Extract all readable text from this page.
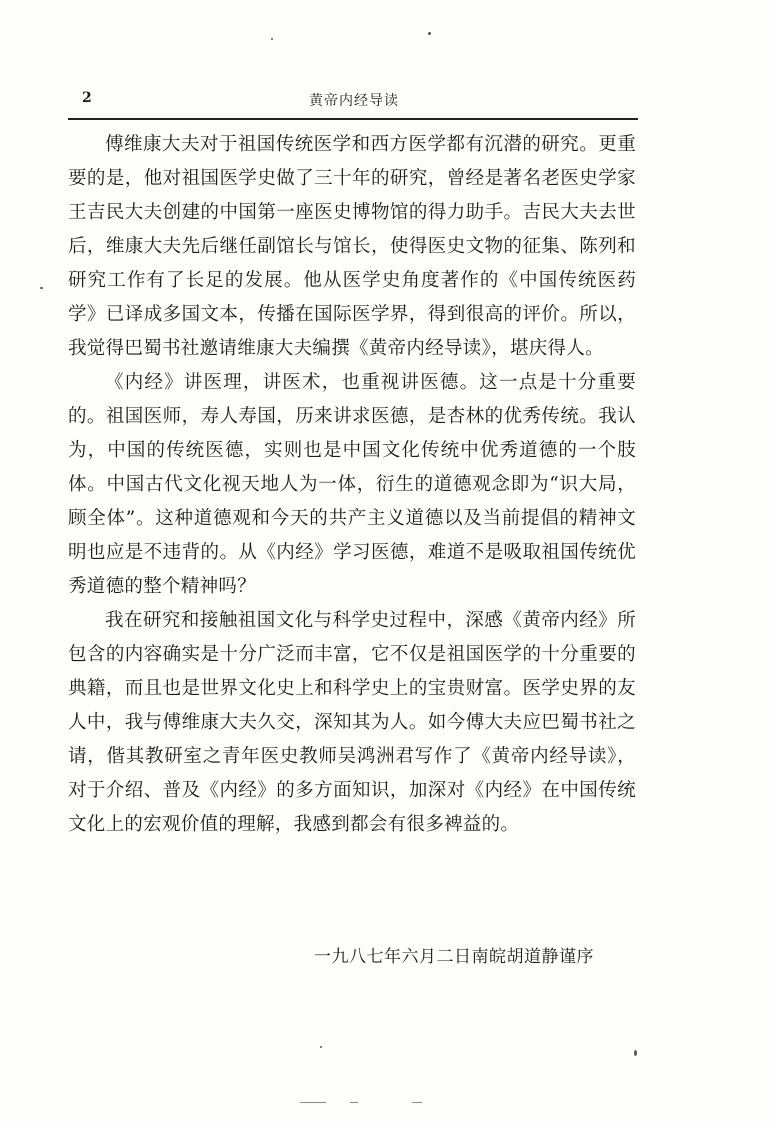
2	黄帝内经导读

傅维康大夫对于祖国传统医学和西方医学都有沉潜的研究。更重要的是，他对祖国医学史做了三十年的研究，曾经是著名老医史学家王吉民大夫创建的中国第一座医史博物馆的得力助手。吉民大夫去世后，维康大夫先后继任副馆长与馆长，使得医史文物的征集、陈列和研究工作有了长足的发展。他从医学史角度著作的《中国传统医药学》已译成多国文本，传播在国际医学界，得到很高的评价。所以，我觉得巴蜀书社邀请维康大夫编撰《黄帝内经导读》，堪庆得人。

《内经》讲医理，讲医术，也重视讲医德。这一点是十分重要的。祖国医师，寿人寿国，历来讲求医德，是杏林的优秀传统。我认为，中国的传统医德，实则也是中国文化传统中优秀道德的一个肢体。中国古代文化视天地人为一体，衍生的道德观念即为“识大局，顾全体”。这种道德观和今天的共产主义道德以及当前提倡的精神文明也应是不违背的。从《内经》学习医德，难道不是吸取祖国传统优秀道德的整个精神吗？

我在研究和接触祖国文化与科学史过程中，深感《黄帝内经》所包含的内容确实是十分广泛而丰富，它不仅是祖国医学的十分重要的典籍，而且也是世界文化史上和科学史上的宝贵财富。医学史界的友人中，我与傅维康大夫久交，深知其为人。如今傅大夫应巴蜀书社之请，偕其教研室之青年医史教师吴鸿洲君写作了《黄帝内经导读》，对于介绍、普及《内经》的多方面知识，加深对《内经》在中国传统文化上的宏观价值的理解，我感到都会有很多裨益的。

一九八七年六月二日南皖胡道静谨序
